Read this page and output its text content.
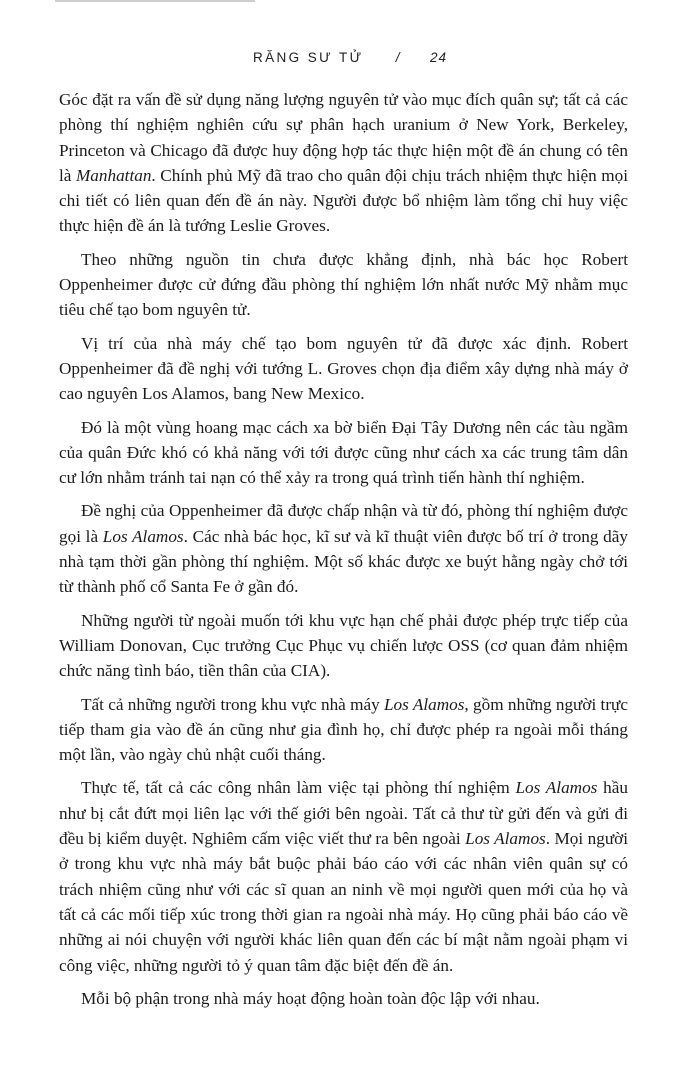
RĂNG SƯ TỬ / 24

Góc đặt ra vấn đề sử dụng năng lượng nguyên tử vào mục đích quân sự; tất cả các phòng thí nghiệm nghiên cứu sự phân hạch uranium ở New York, Berkeley, Princeton và Chicago đã được huy động hợp tác thực hiện một đề án chung có tên là Manhattan. Chính phủ Mỹ đã trao cho quân đội chịu trách nhiệm thực hiện mọi chi tiết có liên quan đến đề án này. Người được bổ nhiệm làm tổng chỉ huy việc thực hiện đề án là tướng Leslie Groves.

Theo những nguồn tin chưa được khẳng định, nhà bác học Robert Oppenheimer được cử đứng đầu phòng thí nghiệm lớn nhất nước Mỹ nhằm mục tiêu chế tạo bom nguyên tử.

Vị trí của nhà máy chế tạo bom nguyên tử đã được xác định. Robert Oppenheimer đã đề nghị với tướng L. Groves chọn địa điểm xây dựng nhà máy ở cao nguyên Los Alamos, bang New Mexico.

Đó là một vùng hoang mạc cách xa bờ biển Đại Tây Dương nên các tàu ngầm của quân Đức khó có khả năng với tới được cũng như cách xa các trung tâm dân cư lớn nhằm tránh tai nạn có thể xảy ra trong quá trình tiến hành thí nghiệm.

Đề nghị của Oppenheimer đã được chấp nhận và từ đó, phòng thí nghiệm được gọi là Los Alamos. Các nhà bác học, kĩ sư và kĩ thuật viên được bố trí ở trong dãy nhà tạm thời gần phòng thí nghiệm. Một số khác được xe buýt hằng ngày chở tới từ thành phố cổ Santa Fe ở gần đó.

Những người từ ngoài muốn tới khu vực hạn chế phải được phép trực tiếp của William Donovan, Cục trưởng Cục Phục vụ chiến lược OSS (cơ quan đảm nhiệm chức năng tình báo, tiền thân của CIA).

Tất cả những người trong khu vực nhà máy Los Alamos, gồm những người trực tiếp tham gia vào đề án cũng như gia đình họ, chỉ được phép ra ngoài mỗi tháng một lần, vào ngày chủ nhật cuối tháng.

Thực tế, tất cả các công nhân làm việc tại phòng thí nghiệm Los Alamos hầu như bị cắt đứt mọi liên lạc với thế giới bên ngoài. Tất cả thư từ gửi đến và gửi đi đều bị kiểm duyệt. Nghiêm cấm việc viết thư ra bên ngoài Los Alamos. Mọi người ở trong khu vực nhà máy bắt buộc phải báo cáo với các nhân viên quân sự có trách nhiệm cũng như với các sĩ quan an ninh về mọi người quen mới của họ và tất cả các mối tiếp xúc trong thời gian ra ngoài nhà máy. Họ cũng phải báo cáo về những ai nói chuyện với người khác liên quan đến các bí mật nằm ngoài phạm vi công việc, những người tỏ ý quan tâm đặc biệt đến đề án.

Mỗi bộ phận trong nhà máy hoạt động hoàn toàn độc lập với nhau.
